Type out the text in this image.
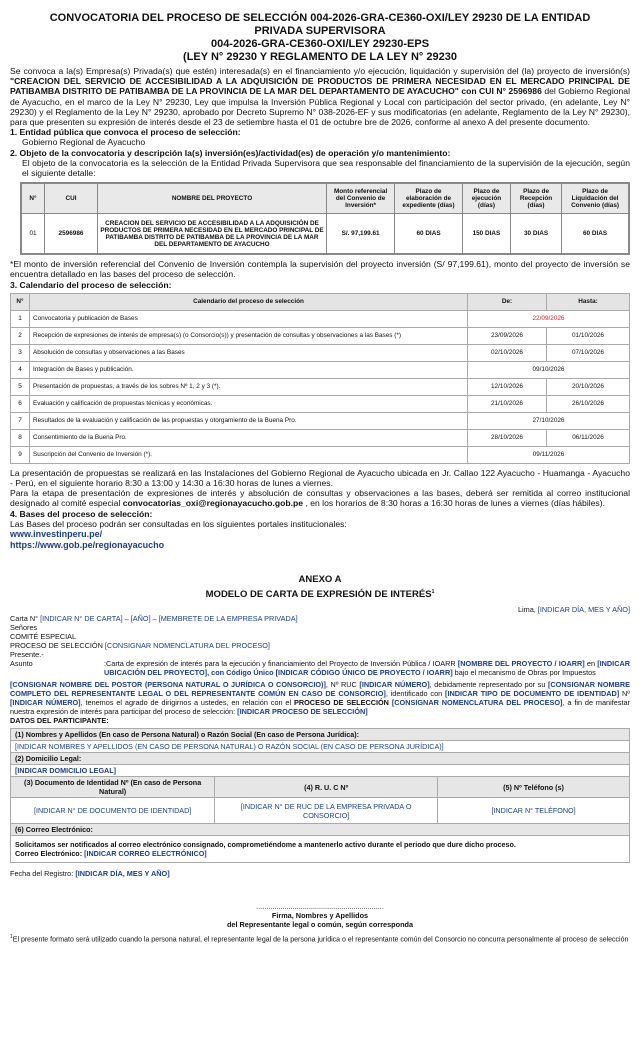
CONVOCATORIA DEL PROCESO DE SELECCIÓN 004-2026-GRA-CE360-OXI/LEY 29230 DE LA ENTIDAD
PRIVADA SUPERVISORA
004-2026-GRA-CE360-OXI/LEY 29230-EPS
(LEY N° 29230 Y REGLAMENTO DE LA LEY N° 29230
Se convoca a la(s) Empresa(s) Privada(s) que estén) interesada(s) en el financiamiento y/o ejecución, liquidación y supervisión del (la) proyecto de inversión(s) "CREACION DEL SERVICIO DE ACCESIBILIDAD A LA ADQUISICIÓN DE PRODUCTOS DE PRIMERA NECESIDAD EN EL MERCADO PRINCIPAL DE PATIBAMBA DISTRITO DE PATIBAMBA DE LA PROVINCIA DE LA MAR DEL DEPARTAMENTO DE AYACUCHO" con CUI N° 2596986 del Gobierno Regional de Ayacucho, en el marco de la Ley N° 29230, Ley que impulsa la Inversión Pública Regional y Local con participación del sector privado, (en adelante, Ley N° 29230) y el Reglamento de la Ley N° 29230, aprobado por Decreto Supremo N° 038-2026-EF y sus modificatorias (en adelante, Reglamento de la Ley N° 29230), para que presenten su expresión de interés desde el 23 de setiembre hasta el 01 de octubre bre de 2026, conforme al anexo A del presente documento.
1. Entidad pública que convoca el proceso de selección:
Gobierno Regional de Ayacucho
2. Objeto de la convocatoria y descripción la(s) inversión(es)/actividad(es) de operación y/o mantenimiento:
El objeto de la convocatoria es la selección de la Entidad Privada Supervisora que sea responsable del financiamiento de la supervisión de la ejecución, según el siguiente detalle:
N°	CUI	NOMBRE DEL PROYECTO	Monto referencial del Convenio de Inversión*	Plazo de elaboración de expediente (días)	Plazo de ejecución (días)	Plazo de Recepción (días)	Plazo de Liquidación del Convenio (días)
01	2596986	CREACION DEL SERVICIO DE ACCESIBILIDAD A LA ADQUISICIÓN DE PRODUCTOS DE PRIMERA NECESIDAD EN EL MERCADO PRINCIPAL DE PATIBAMBA DISTRITO DE PATIBAMBA DE LA PROVINCIA DE LA MAR DEL DEPARTAMENTO DE AYACUCHO	S/. 97,199.61	60 DIAS	150 DIAS	30 DIAS	60 DIAS
*El monto de inversión referencial del Convenio de Inversión contempla la supervisión del proyecto inversión (S/ 97,199.61), monto del proyecto de inversión se encuentra detallado en las bases del proceso de selección.
3. Calendario del proceso de selección:
N°	Calendario del proceso de selección	De:	Hasta:
1	Convocatoria y publicación de Bases	22/09/2026	
2	Recepción de expresiones de interés de empresa(s) (o Consorcio(s)) y presentación de consultas y observaciones a las Bases (*)	23/09/2026	01/10/2026
3	Absolución de consultas y observaciones a las Bases	02/10/2026	07/10/2026
4	Integración de Bases y publicación.	09/10/2026	
5	Presentación de propuestas, a través de los sobres Nº 1, 2 y 3 (*).	12/10/2026	20/10/2026
6	Evaluación y calificación de propuestas técnicas y económicas.	21/10/2026	26/10/2026
7	Resultados de la evaluación y calificación de las propuestas y otorgamiento de la Buena Pro.	27/10/2026	
8	Consentimiento de la Buena Pro.	28/10/2026	06/11/2026
9	Suscripción del Convenio de Inversión (*).	09/11/2026	
La presentación de propuestas se realizará en las Instalaciones del Gobierno Regional de Ayacucho ubicada en Jr. Callao 122 Ayacucho - Huamanga - Ayacucho - Perú, en el siguiente horario 8:30 a 13:00 y 14:30 a 16:30 horas de lunes a viernes.
Para la etapa de presentación de expresiones de interés y absolución de consultas y observaciones a las bases, deberá ser remitida al correo institucional designado al comité especial convocatorias_oxi@regionayacucho.gob.pe , en los horarios de 8:30 horas a 16:30 horas de lunes a viernes (días hábiles).
4. Bases del proceso de selección:
Las Bases del proceso podrán ser consultadas en los siguientes portales institucionales:
www.investinperu.pe/
https://www.gob.pe/regionayacucho
ANEXO A
MODELO DE CARTA DE EXPRESIÓN DE INTERÉS$^1$
Lima, [INDICAR DÍA, MES Y AÑO]
Carta N° [INDICAR N° DE CARTA] – [AÑO] – [MEMBRETE DE LA EMPRESA PRIVADA]
Señores
COMITÉ ESPECIAL
PROCESO DE SELECCIÓN [CONSIGNAR NOMENCLATURA DEL PROCESO]
Presente.-
Asunto	:Carta de expresión de interés para la ejecución y financiamiento del Proyecto de Inversión Pública / IOARR [NOMBRE DEL PROYECTO / IOARR] en [INDICAR UBICACIÓN DEL PROYECTO], con Código Único [INDICAR CÓDIGO ÚNICO DE PROYECTO / IOARR] bajo el mecanismo de Obras por Impuestos
[CONSIGNAR NOMBRE DEL POSTOR (PERSONA NATURAL O JURÍDICA O CONSORCIO)], Nº RUC [INDICAR NÚMERO], debidamente representado por su [CONSIGNAR NOMBRE COMPLETO DEL REPRESENTANTE LEGAL O DEL REPRESENTANTE COMÚN EN CASO DE CONSORCIO], identificado con [INDICAR TIPO DE DOCUMENTO DE IDENTIDAD] Nº [INDICAR NÚMERO], tenemos el agrado de dirigirnos a ustedes, en relación con el PROCESO DE SELECCIÓN [CONSIGNAR NOMENCLATURA DEL PROCESO], a fin de manifestar nuestra expresión de interés para participar del proceso de selección: [INDICAR PROCESO DE SELECCIÓN]
DATOS DEL PARTICIPANTE:
(1) Nombres y Apellidos (En caso de Persona Natural) o Razón Social (En caso de Persona Jurídica):		
[INDICAR NOMBRES Y APELLIDOS (EN CASO DE PERSONA NATURAL) O RAZÓN SOCIAL (EN CASO DE PERSONA JURÍDICA)]		
(2) Domicilio Legal:		
[INDICAR DOMICILIO LEGAL]		
(3) Documento de Identidad Nº (En caso de Persona Natural)	(4) R. U. C Nº	(5) Nº Teléfono (s)
[INDICAR N° DE DOCUMENTO DE IDENTIDAD]	[INDICAR N° DE RUC DE LA EMPRESA PRIVADA O CONSORCIO]	[INDICAR N° TELÉFONO]
(6) Correo Electrónico:		

Solicitamos ser notificados al correo electrónico consignado, comprometiéndome a mantenerlo activo durante el periodo que dure dicho proceso.
Correo Electrónico: [INDICAR CORREO ELECTRÓNICO]		
Fecha del Registro: [INDICAR DÍA, MES Y AÑO]
...............................................................
Firma, Nombres y Apellidos
del Representante legal o común, según corresponda
$^1$El presente formato será utilizado cuando la persona natural, el representante legal de la persona jurídica o el representante común del Consorcio no concurra personalmente al proceso de selección
